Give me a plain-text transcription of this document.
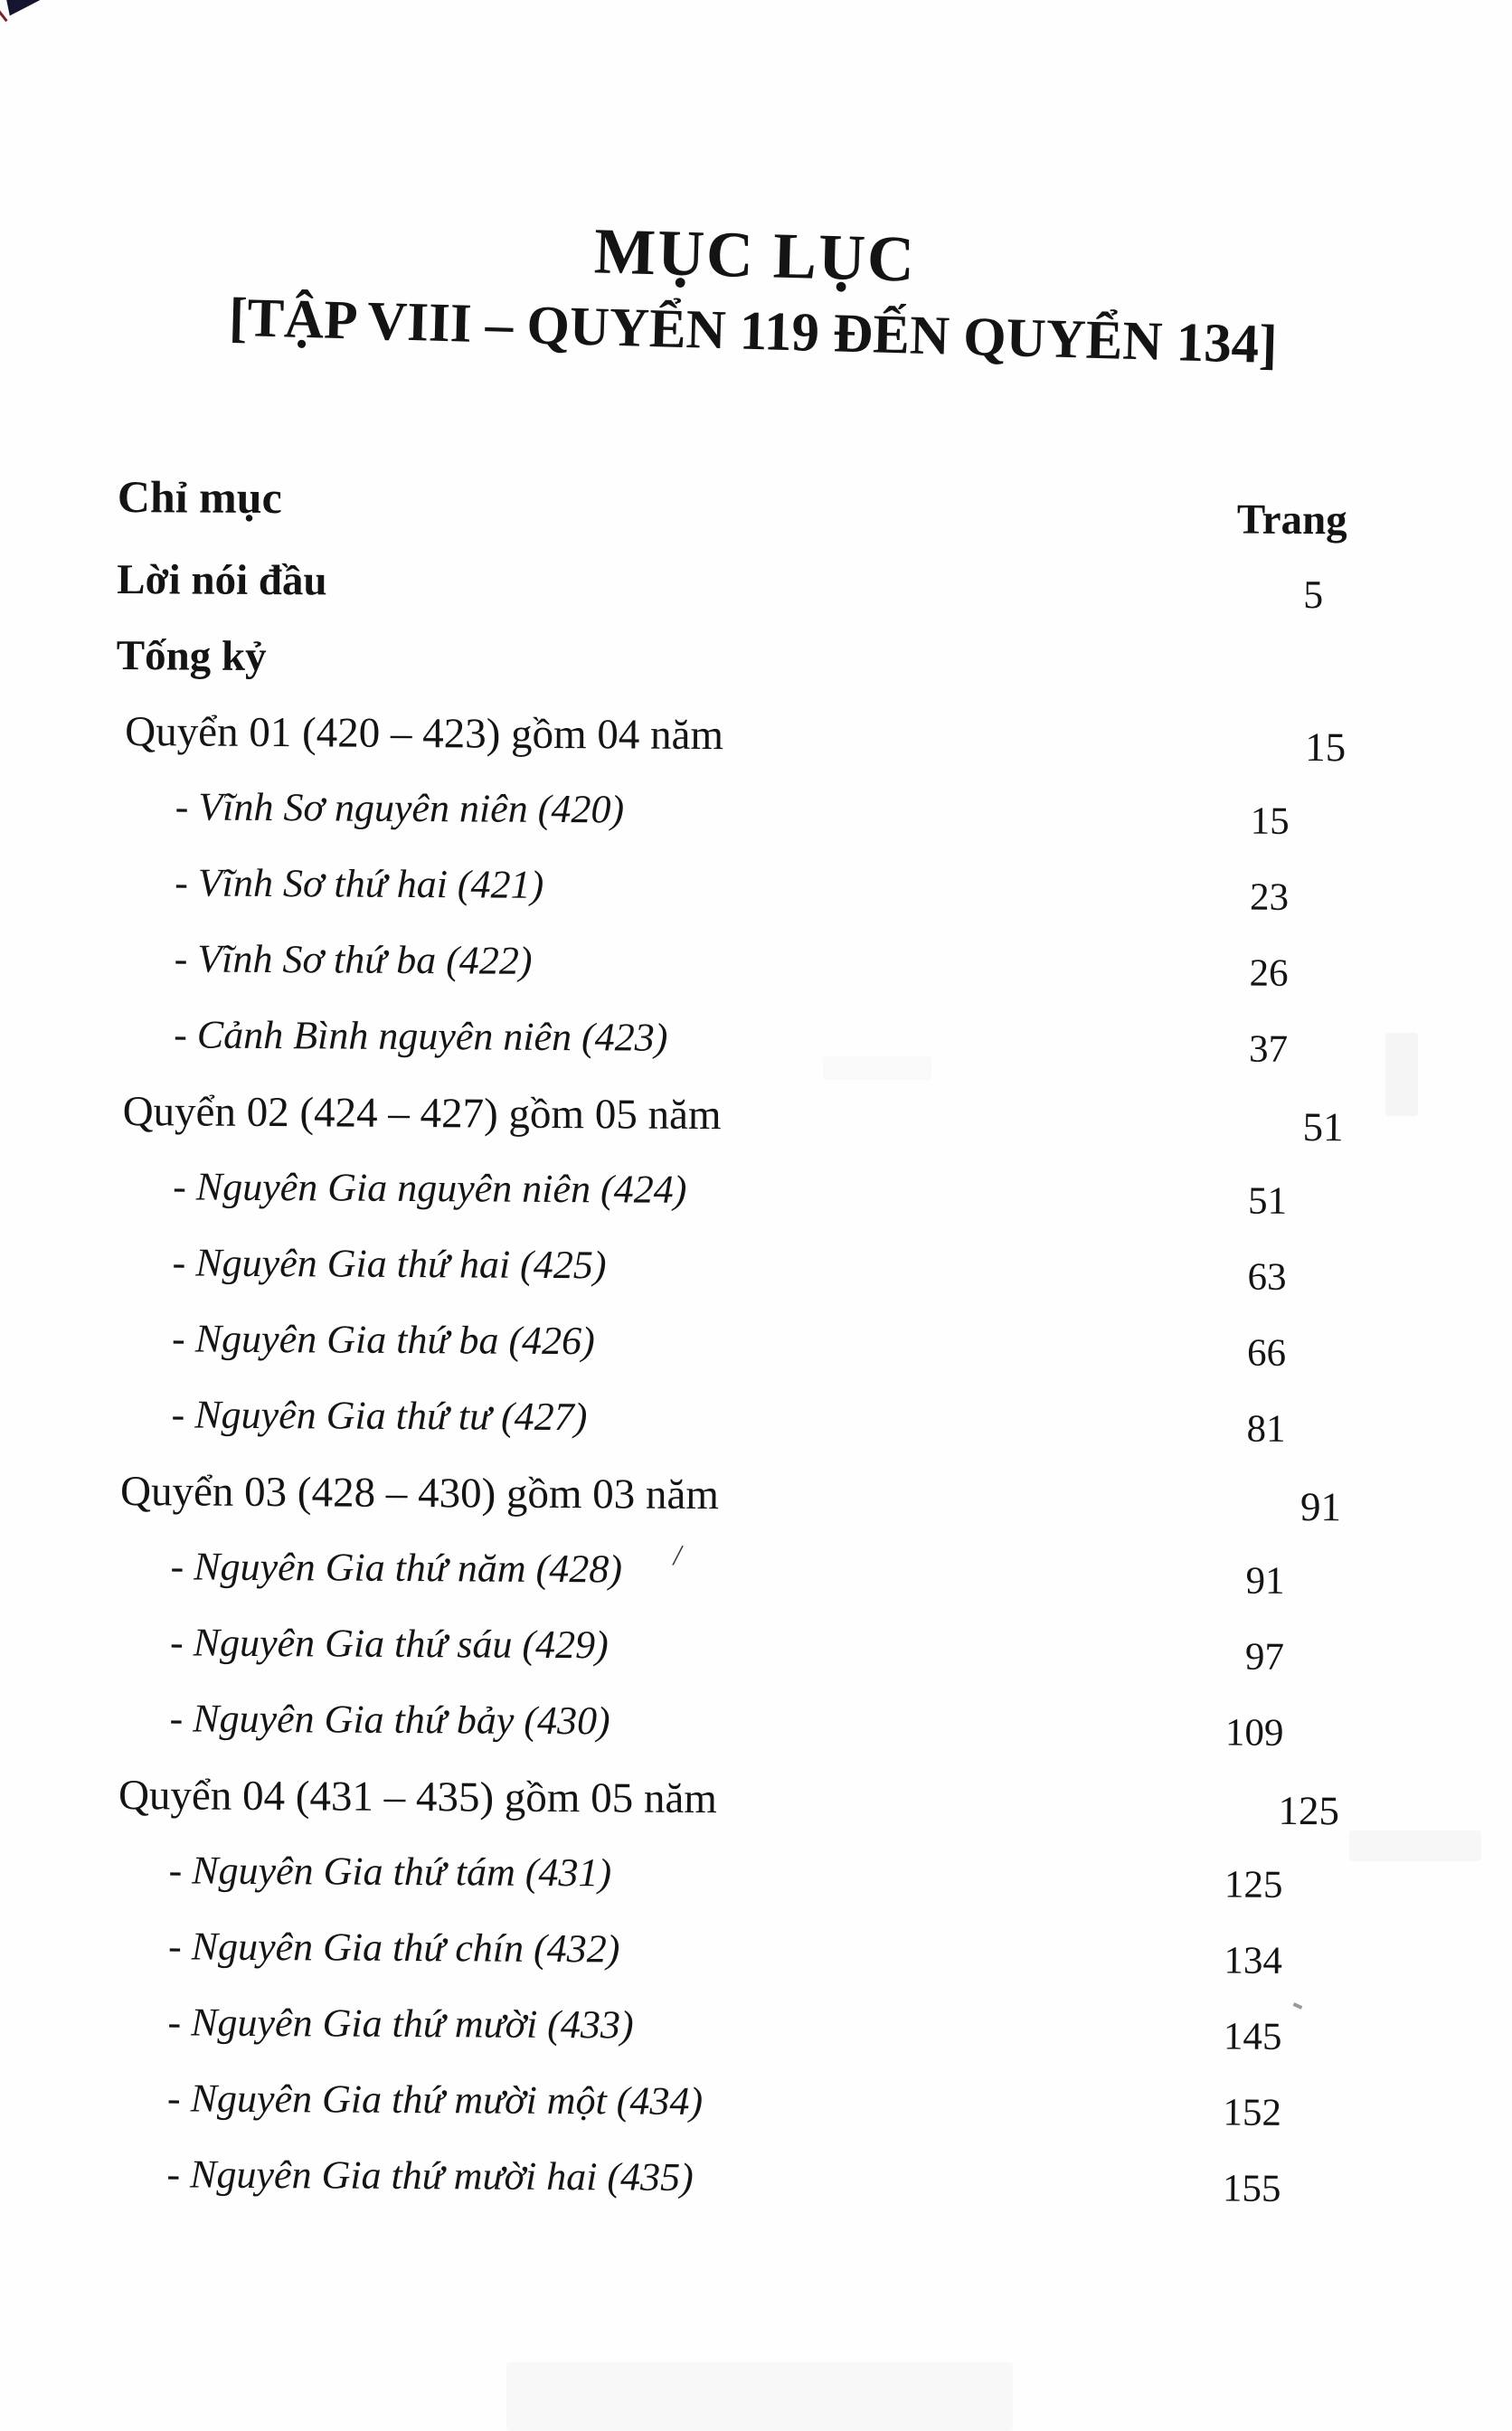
MỤC LỤC
[TẬP VIII – QUYỂN 119 ĐẾN QUYỂN 134]
Chỉ mục	Trang
Lời nói đầu	5
Tống kỷ
Quyển 01 (420 – 423) gồm 04 năm	15
- Vĩnh Sơ nguyên niên (420)	15
- Vĩnh Sơ thứ hai (421)	23
- Vĩnh Sơ thứ ba (422)	26
- Cảnh Bình nguyên niên (423)	37
Quyển 02 (424 – 427) gồm 05 năm	51
- Nguyên Gia nguyên niên (424)	51
- Nguyên Gia thứ hai (425)	63
- Nguyên Gia thứ ba (426)	66
- Nguyên Gia thứ tư (427)	81
Quyển 03 (428 – 430) gồm 03 năm	91
- Nguyên Gia thứ năm (428)	91
/
- Nguyên Gia thứ sáu (429)	97
- Nguyên Gia thứ bảy (430)	109
Quyển 04 (431 – 435) gồm 05 năm	125
- Nguyên Gia thứ tám (431)	125
- Nguyên Gia thứ chín (432)	134
- Nguyên Gia thứ mười (433)	145
- Nguyên Gia thứ mười một (434)	152
- Nguyên Gia thứ mười hai (435)	155
